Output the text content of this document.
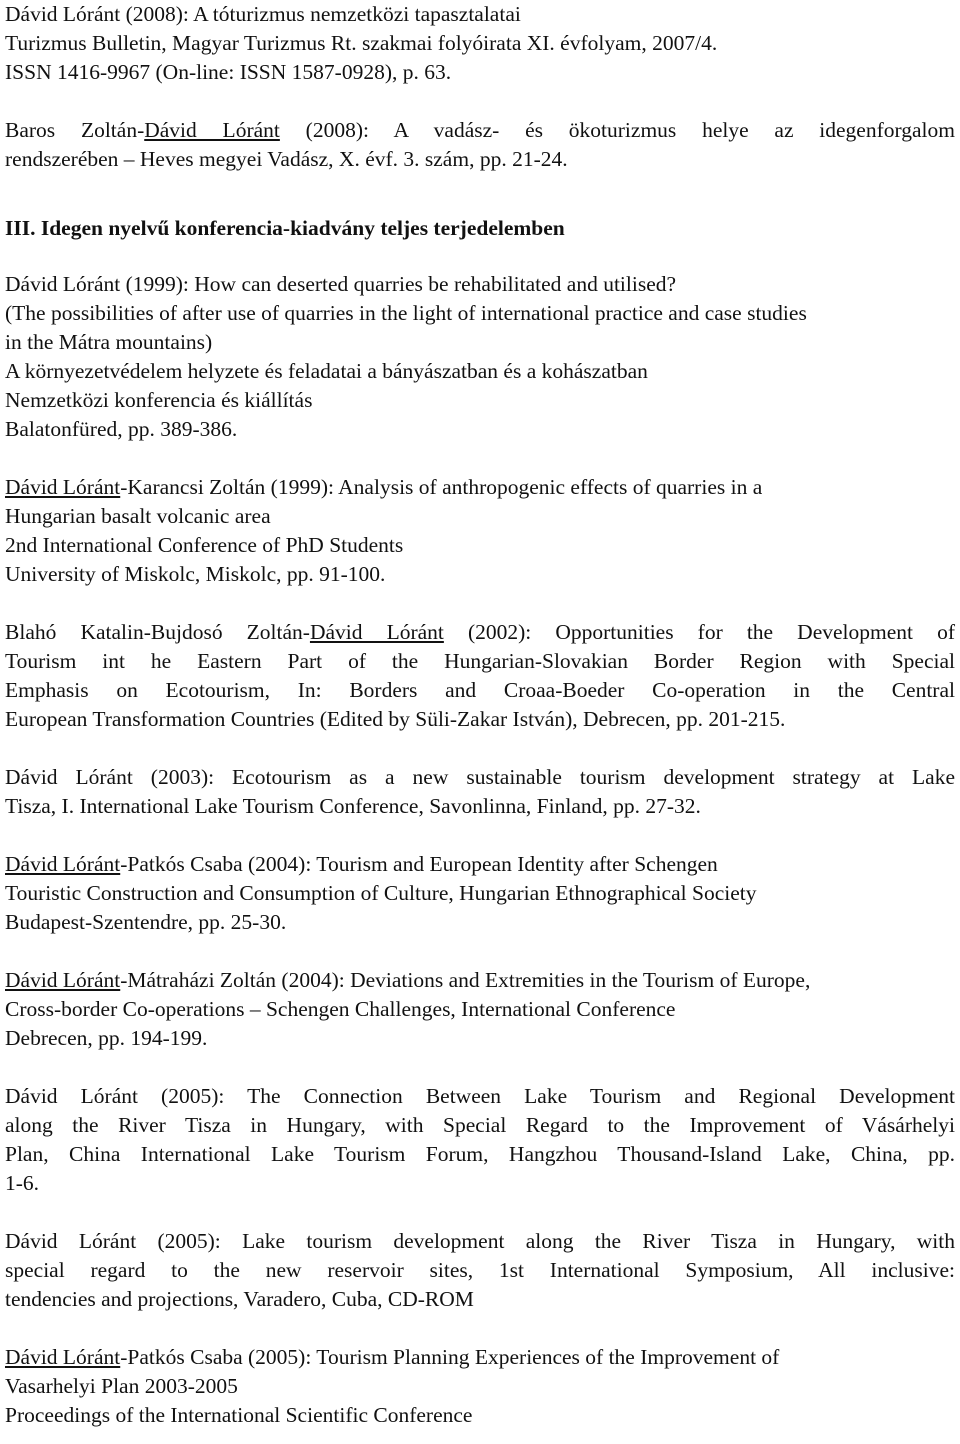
Dávid Lóránt (2008): A tóturizmus nemzetközi tapasztalatai
Turizmus Bulletin, Magyar Turizmus Rt. szakmai folyóirata XI. évfolyam, 2007/4.
ISSN 1416-9967 (On-line: ISSN 1587-0928), p. 63.
Baros Zoltán-Dávid Lóránt (2008): A vadász- és ökoturizmus helye az idegenforgalom
rendszerében – Heves megyei Vadász, X. évf. 3. szám, pp. 21-24.
III. Idegen nyelvű konferencia-kiadvány teljes terjedelemben
Dávid Lóránt (1999): How can deserted quarries be rehabilitated and utilised?
(The possibilities of after use of quarries in the light of international practice and case studies
in the Mátra mountains)
A környezetvédelem helyzete és feladatai a bányászatban és a kohászatban
Nemzetközi konferencia és kiállítás
Balatonfüred, pp. 389-386.
Dávid Lóránt-Karancsi Zoltán (1999): Analysis of anthropogenic effects of quarries in a
Hungarian basalt volcanic area
2nd International Conference of PhD Students
University of Miskolc, Miskolc, pp. 91-100.
Blahó Katalin-Bujdosó Zoltán-Dávid Lóránt (2002): Opportunities for the Development of
Tourism int he Eastern Part of the Hungarian-Slovakian Border Region with Special
Emphasis on Ecotourism, In: Borders and Croaa-Boeder Co-operation in the Central
European Transformation Countries (Edited by Süli-Zakar István), Debrecen, pp. 201-215.
Dávid Lóránt (2003): Ecotourism as a new sustainable tourism development strategy at Lake
Tisza, I. International Lake Tourism Conference, Savonlinna, Finland, pp. 27-32.
Dávid Lóránt-Patkós Csaba (2004): Tourism and European Identity after Schengen
Touristic Construction and Consumption of Culture, Hungarian Ethnographical Society
Budapest-Szentendre, pp. 25-30.
Dávid Lóránt-Mátraházi Zoltán (2004): Deviations and Extremities in the Tourism of Europe,
Cross-border Co-operations – Schengen Challenges, International Conference
Debrecen, pp. 194-199.
Dávid Lóránt (2005): The Connection Between Lake Tourism and Regional Development
along the River Tisza in Hungary, with Special Regard to the Improvement of Vásárhelyi
Plan, China International Lake Tourism Forum, Hangzhou Thousand-Island Lake, China, pp.
1-6.
Dávid Lóránt (2005): Lake tourism development along the River Tisza in Hungary, with
special regard to the new reservoir sites, 1st International Symposium, All inclusive:
tendencies and projections, Varadero, Cuba, CD-ROM
Dávid Lóránt-Patkós Csaba (2005): Tourism Planning Experiences of the Improvement of
Vasarhelyi Plan 2003-2005
Proceedings of the International Scientific Conference
